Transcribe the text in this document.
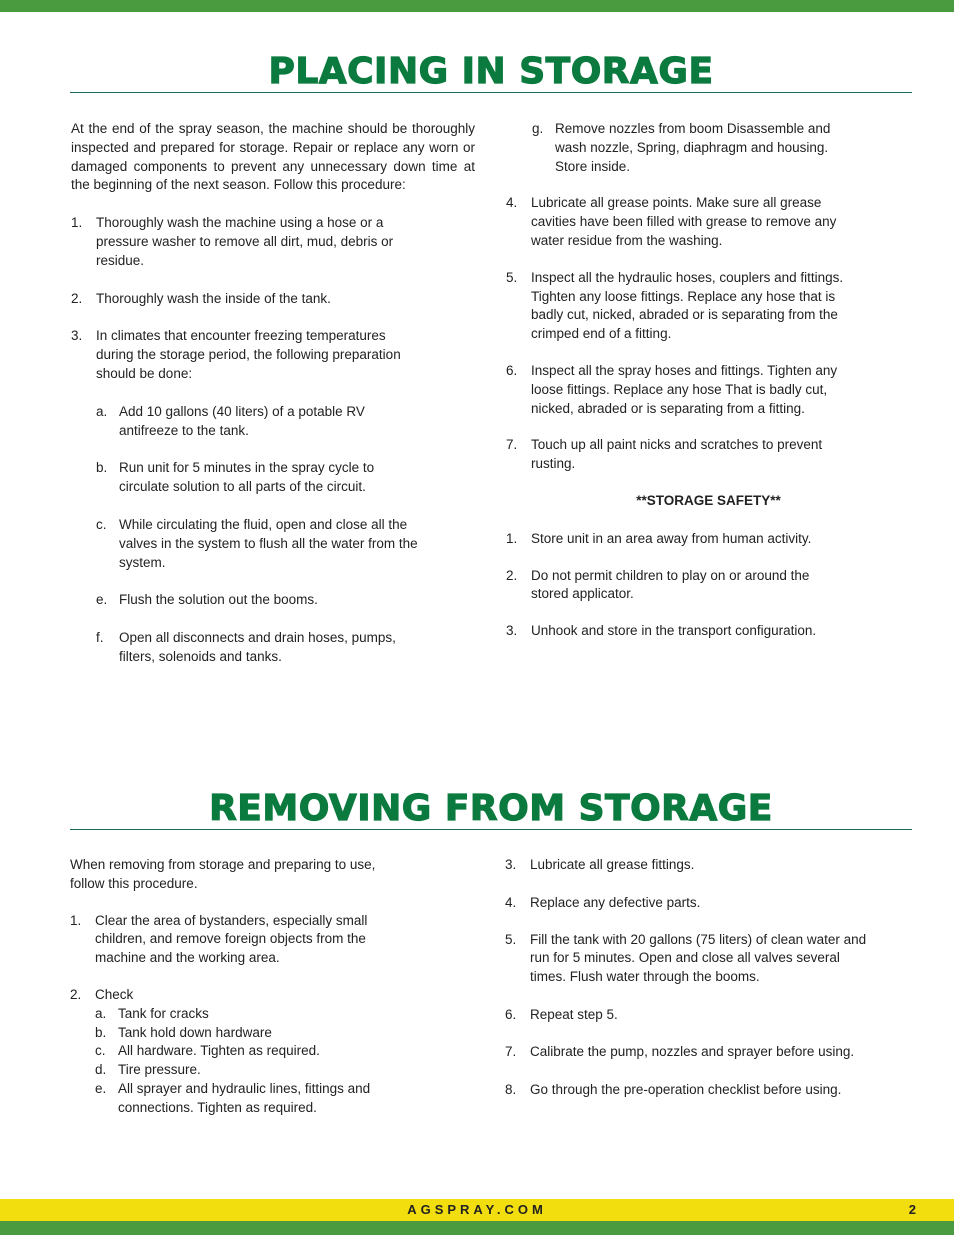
PLACING IN STORAGE

At the end of the spray season, the machine should be thoroughly inspected and prepared for storage. Repair or replace any worn or damaged components to prevent any unnecessary down time at the beginning of the next season. Follow this procedure:

1.	Thoroughly wash the machine using a hose or a pressure washer to remove all dirt, mud, debris or residue.
2.	Thoroughly wash the inside of the tank.
3.	In climates that encounter freezing temperatures during the storage period, the following preparation should be done:
a. Add 10 gallons (40 liters) of a potable RV antifreeze to the tank.
b. Run unit for 5 minutes in the spray cycle to circulate solution to all parts of the circuit.
c. While circulating the fluid, open and close all the valves in the system to flush all the water from the system.
e. Flush the solution out the booms.
f.	Open all disconnects and drain hoses, pumps, filters, solenoids and tanks.
g. Remove nozzles from boom Disassemble and wash nozzle, Spring, diaphragm and housing. Store inside.
4.	Lubricate all grease points. Make sure all grease cavities have been filled with grease to remove any water residue from the washing.
5.	Inspect all the hydraulic hoses, couplers and fittings. Tighten any loose fittings. Replace any hose that is badly cut, nicked, abraded or is separating from the crimped end of a fitting.
6.	Inspect all the spray hoses and fittings. Tighten any loose fittings. Replace any hose That is badly cut, nicked, abraded or is separating from a fitting.
7.	Touch up all paint nicks and scratches to prevent rusting.
**STORAGE SAFETY**
1.	Store unit in an area away from human activity.
2.	Do not permit children to play on or around the stored applicator.
3.	Unhook and store in the transport configuration.
REMOVING FROM STORAGE

When removing from storage and preparing to use, follow this procedure.

1.	Clear the area of bystanders, especially small children, and remove foreign objects from the machine and the working area.
2.	Check
a. Tank for cracks
b. Tank hold down hardware
c. All hardware. Tighten as required.
d. Tire pressure.
e. All sprayer and hydraulic lines, fittings and connections. Tighten as required.
3.	Lubricate all grease fittings.
4.	Replace any defective parts.
5.	Fill the tank with 20 gallons (75 liters) of clean water and run for 5 minutes. Open and close all valves several times. Flush water through the booms.
6.	Repeat step 5.
7.	Calibrate the pump, nozzles and sprayer before using.
8.	Go through the pre-operation checklist before using.
AGSPRAY.COM	2
